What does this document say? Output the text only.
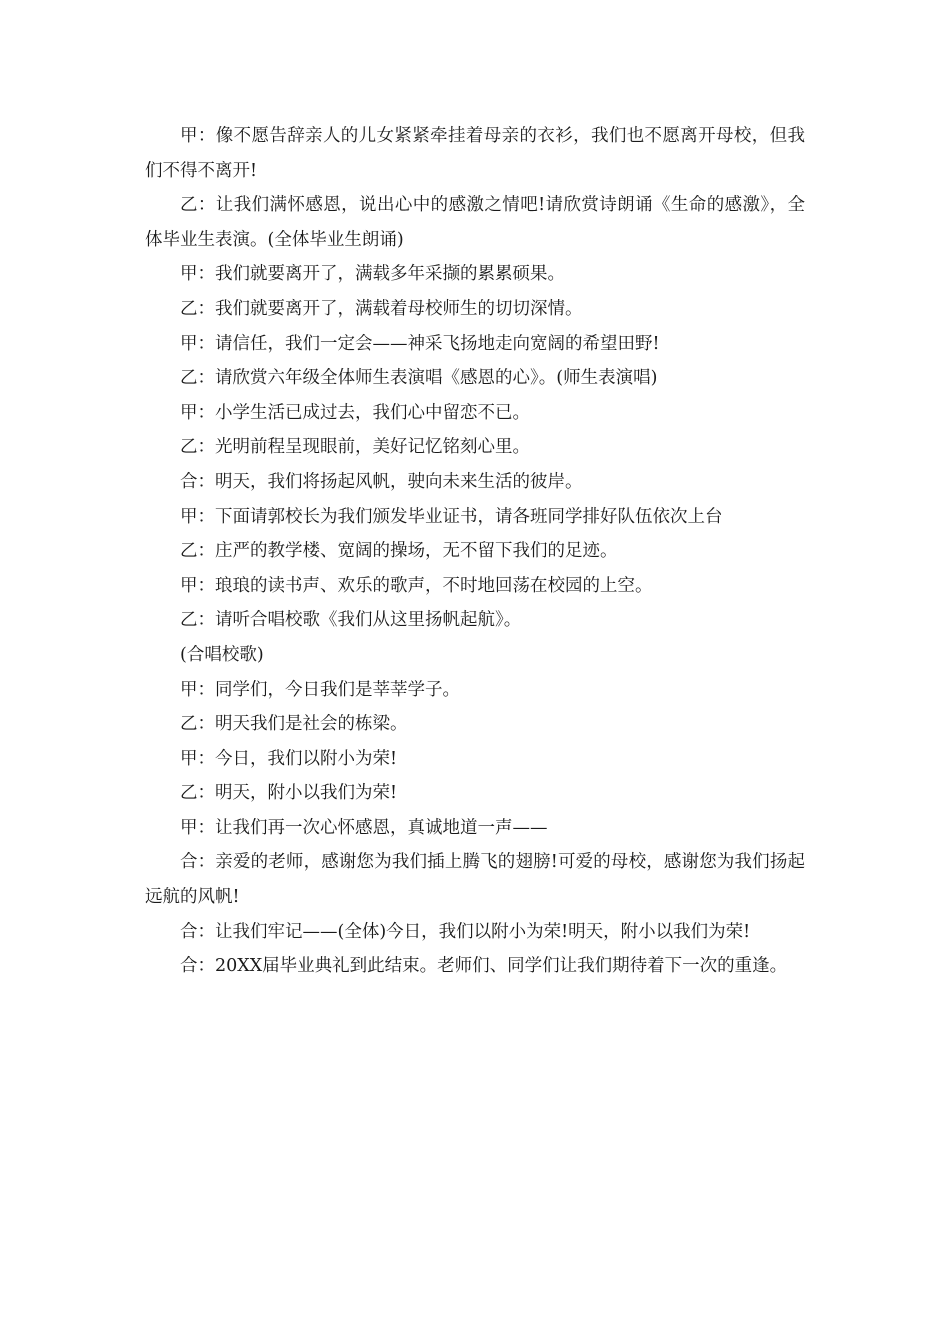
甲：像不愿告辞亲人的儿女紧紧牵挂着母亲的衣衫，我们也不愿离开母校，但我们不得不离开!

乙：让我们满怀感恩，说出心中的感激之情吧!请欣赏诗朗诵《生命的感激》，全体毕业生表演。(全体毕业生朗诵)

甲：我们就要离开了，满载多年采撷的累累硕果。

乙：我们就要离开了，满载着母校师生的切切深情。

甲：请信任，我们一定会——神采飞扬地走向宽阔的希望田野!

乙：请欣赏六年级全体师生表演唱《感恩的心》。(师生表演唱)

甲：小学生活已成过去，我们心中留恋不已。

乙：光明前程呈现眼前，美好记忆铭刻心里。

合：明天，我们将扬起风帆，驶向未来生活的彼岸。

甲：下面请郭校长为我们颁发毕业证书，请各班同学排好队伍依次上台

乙：庄严的教学楼、宽阔的操场，无不留下我们的足迹。

甲：琅琅的读书声、欢乐的歌声，不时地回荡在校园的上空。

乙：请听合唱校歌《我们从这里扬帆起航》。

(合唱校歌)

甲：同学们，今日我们是莘莘学子。

乙：明天我们是社会的栋梁。

甲：今日，我们以附小为荣!

乙：明天，附小以我们为荣!

甲：让我们再一次心怀感恩，真诚地道一声——

合：亲爱的老师，感谢您为我们插上腾飞的翅膀!可爱的母校，感谢您为我们扬起远航的风帆!

合：让我们牢记——(全体)今日，我们以附小为荣!明天，附小以我们为荣!

合：20XX届毕业典礼到此结束。老师们、同学们让我们期待着下一次的重逢。
